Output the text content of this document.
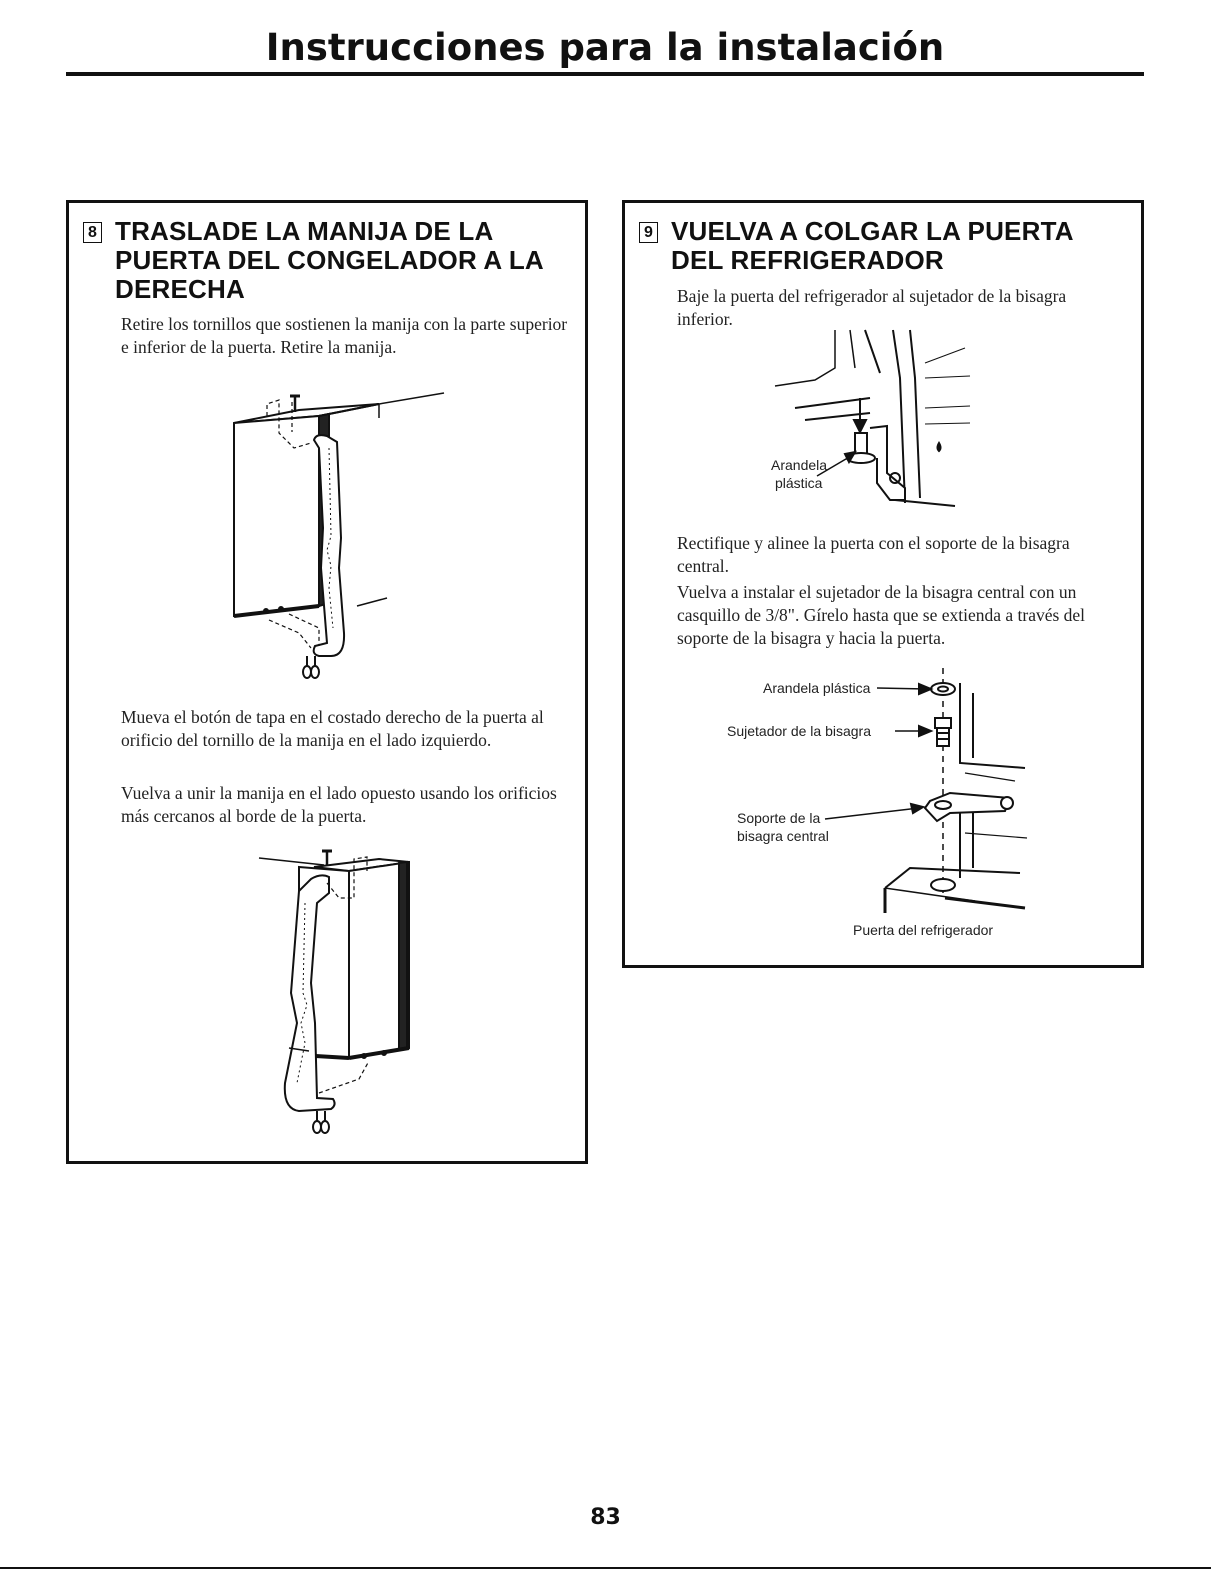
Instrucciones para la instalación
8 TRASLADE LA MANIJA DE LA PUERTA DEL CONGELADOR A LA DERECHA

Retire los tornillos que sostienen la manija con la parte superior e inferior de la puerta. Retire la manija.

Mueva el botón de tapa en el costado derecho de la puerta al orificio del tornillo de la manija en el lado izquierdo.

Vuelva a unir la manija en el lado opuesto usando los orificios más cercanos al borde de la puerta.

9 VUELVA A COLGAR LA PUERTA DEL REFRIGERADOR

Baje la puerta del refrigerador al sujetador de la bisagra inferior.

Arandela
plástica

Rectifique y alinee la puerta con el soporte de la bisagra central.

Vuelva a instalar el sujetador de la bisagra central con un casquillo de 3/8". Gírelo hasta que se extienda a través del soporte de la bisagra y hacia la puerta.

Arandela plástica
Sujetador de la bisagra
Soporte de la
bisagra central
Puerta del refrigerador
83
